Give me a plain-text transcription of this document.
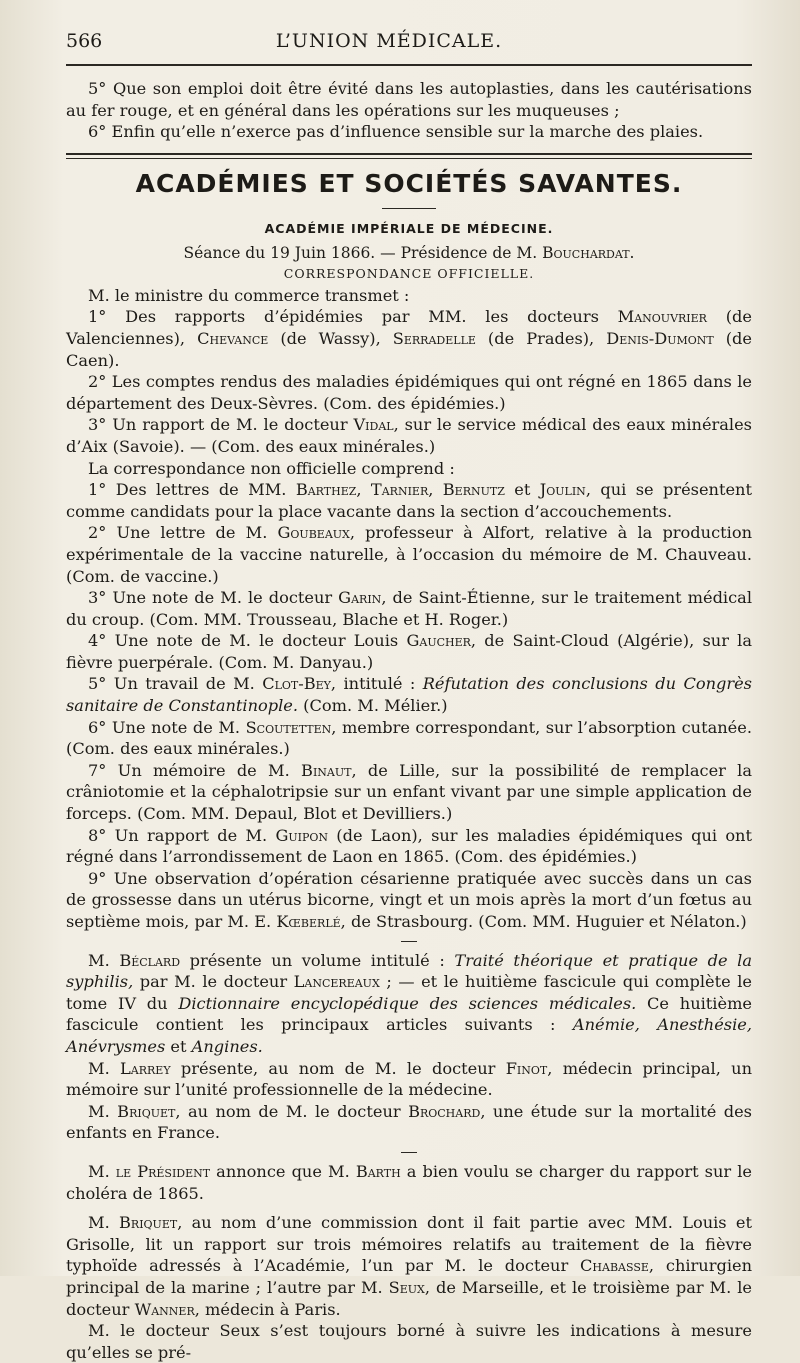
566	L’UNION MÉDICALE.

5° Que son emploi doit être évité dans les autoplasties, dans les cautérisations au fer rouge, et en général dans les opérations sur les muqueuses ;

6° Enfin qu’elle n’exerce pas d’influence sensible sur la marche des plaies.

ACADÉMIES ET SOCIÉTÉS SAVANTES.
ACADÉMIE IMPÉRIALE DE MÉDECINE.
Séance du 19 Juin 1866. — Présidence de M. Bouchardat.
CORRESPONDANCE OFFICIELLE.

M. le ministre du commerce transmet :

1° Des rapports d’épidémies par MM. les docteurs Manouvrier (de Valenciennes), Chevance (de Wassy), Serradelle (de Prades), Denis-Dumont (de Caen).

2° Les comptes rendus des maladies épidémiques qui ont régné en 1865 dans le département des Deux-Sèvres. (Com. des épidémies.)

3° Un rapport de M. le docteur Vidal, sur le service médical des eaux minérales d’Aix (Savoie). — (Com. des eaux minérales.)

La correspondance non officielle comprend :

1° Des lettres de MM. Barthez, Tarnier, Bernutz et Joulin, qui se présentent comme candidats pour la place vacante dans la section d’accouchements.

2° Une lettre de M. Goubeaux, professeur à Alfort, relative à la production expérimentale de la vaccine naturelle, à l’occasion du mémoire de M. Chauveau. (Com. de vaccine.)

3° Une note de M. le docteur Garin, de Saint-Étienne, sur le traitement médical du croup. (Com. MM. Trousseau, Blache et H. Roger.)

4° Une note de M. le docteur Louis Gaucher, de Saint-Cloud (Algérie), sur la fièvre puerpérale. (Com. M. Danyau.)

5° Un travail de M. Clot-Bey, intitulé : Réfutation des conclusions du Congrès sanitaire de Constantinople. (Com. M. Mélier.)

6° Une note de M. Scoutetten, membre correspondant, sur l’absorption cutanée. (Com. des eaux minérales.)

7° Un mémoire de M. Binaut, de Lille, sur la possibilité de remplacer la crâniotomie et la céphalotripsie sur un enfant vivant par une simple application de forceps. (Com. MM. Depaul, Blot et Devilliers.)

8° Un rapport de M. Guipon (de Laon), sur les maladies épidémiques qui ont régné dans l’arrondissement de Laon en 1865. (Com. des épidémies.)

9° Une observation d’opération césarienne pratiquée avec succès dans un cas de grossesse dans un utérus bicorne, vingt et un mois après la mort d’un fœtus au septième mois, par M. E. Kœberlé, de Strasbourg. (Com. MM. Huguier et Nélaton.)

M. Béclard présente un volume intitulé : Traité théorique et pratique de la syphilis, par M. le docteur Lancereaux ; — et le huitième fascicule qui complète le tome IV du Dictionnaire encyclopédique des sciences médicales. Ce huitième fascicule contient les principaux articles suivants : Anémie, Anesthésie, Anévrysmes et Angines.

M. Larrey présente, au nom de M. le docteur Finot, médecin principal, un mémoire sur l’unité professionnelle de la médecine.

M. Briquet, au nom de M. le docteur Brochard, une étude sur la mortalité des enfants en France.

M. le Président annonce que M. Barth a bien voulu se charger du rapport sur le choléra de 1865.

M. Briquet, au nom d’une commission dont il fait partie avec MM. Louis et Grisolle, lit un rapport sur trois mémoires relatifs au traitement de la fièvre typhoïde adressés à l’Académie, l’un par M. le docteur Chabasse, chirurgien principal de la marine ; l’autre par M. Seux, de Marseille, et le troisième par M. le docteur Wanner, médecin à Paris.

M. le docteur Seux s’est toujours borné à suivre les indications à mesure qu’elles se pré-
